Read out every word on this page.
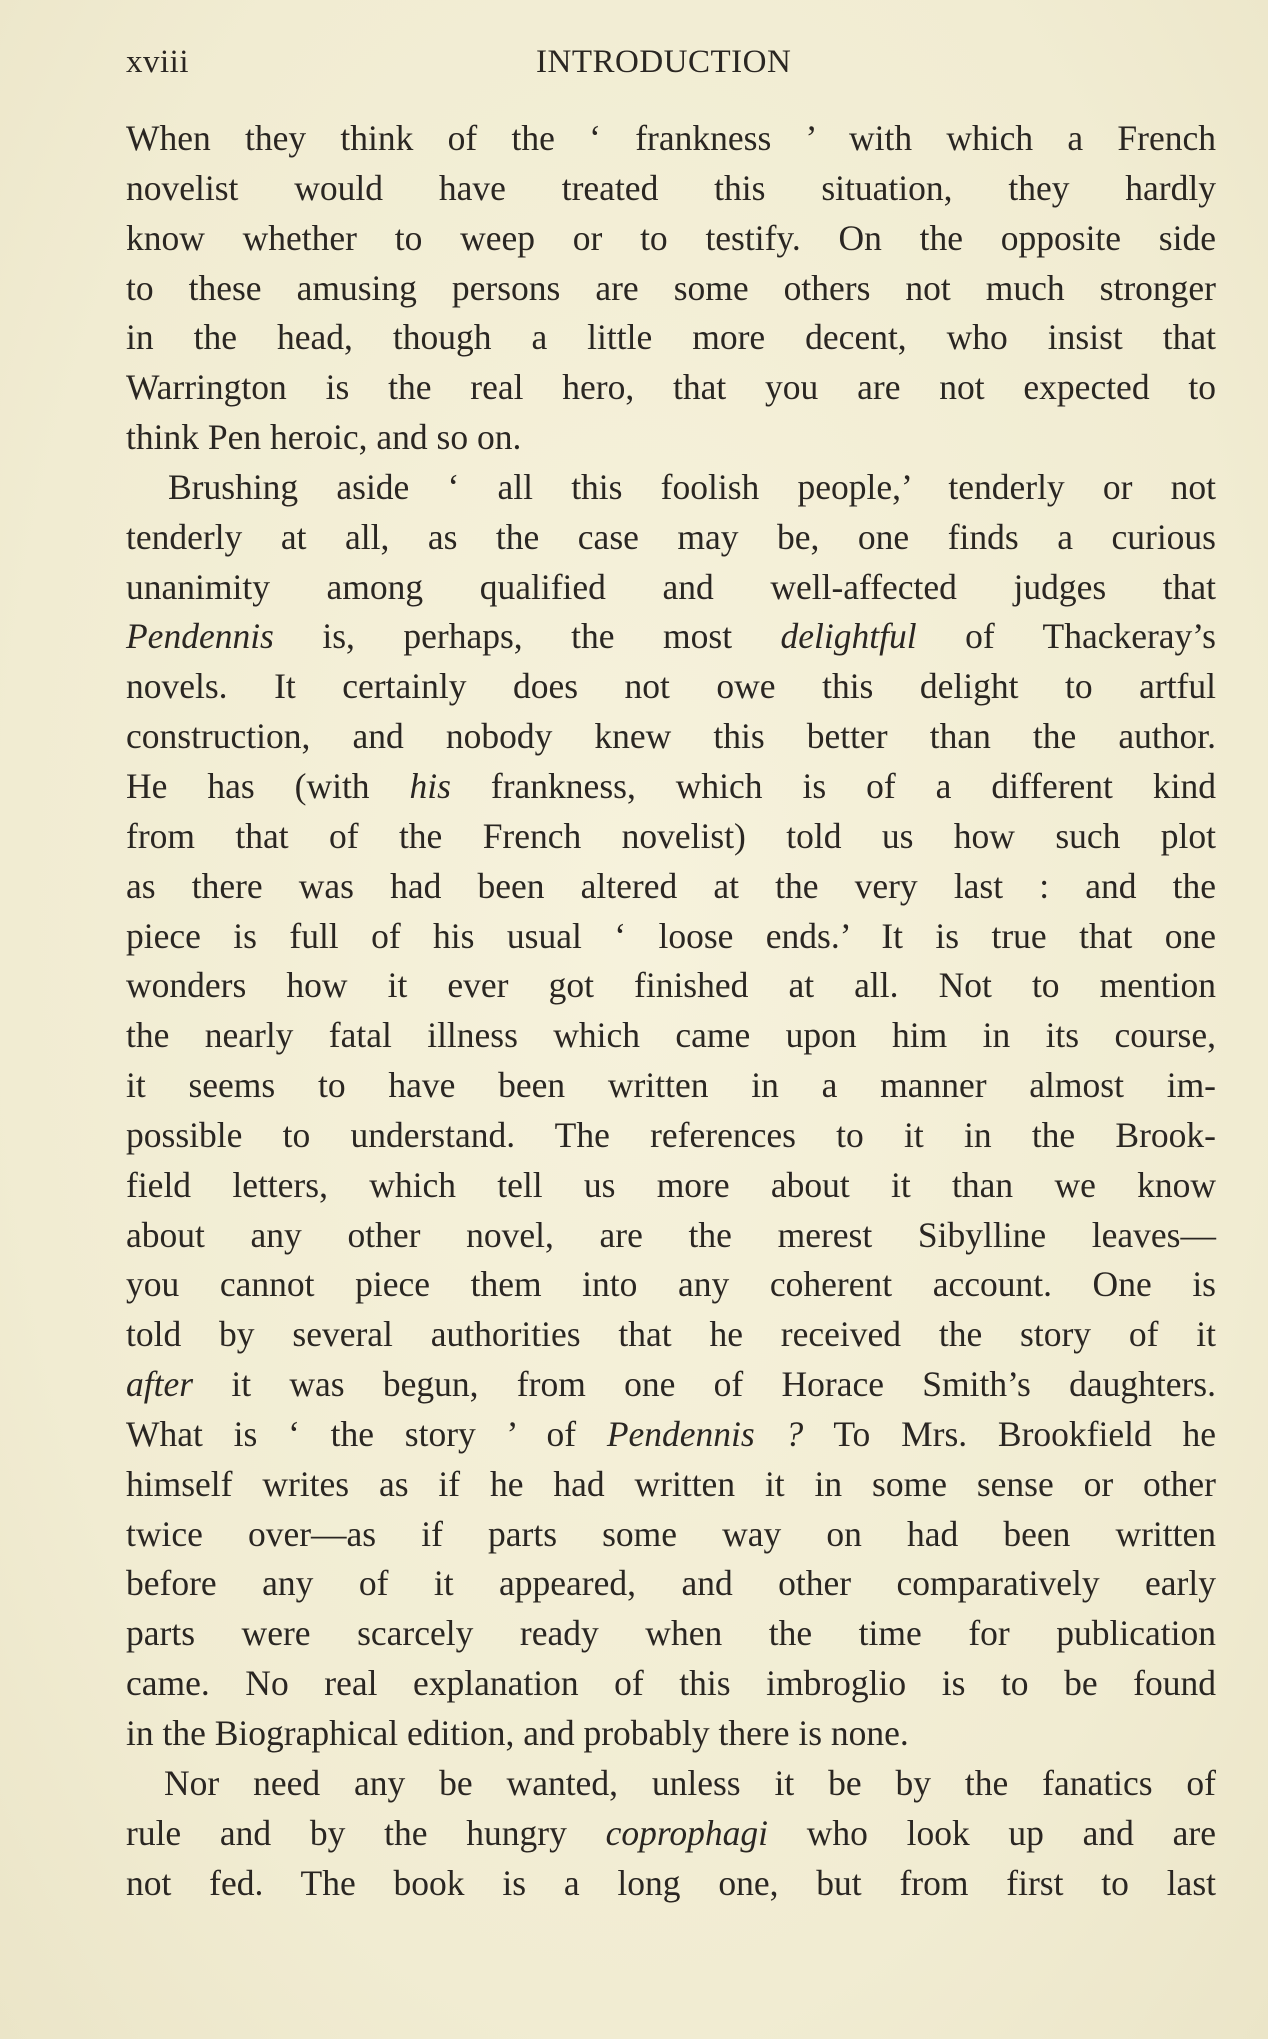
xviii	INTRODUCTION
When they think of the ‘ frankness ’ with which a French
novelist would have treated this situation, they hardly
know whether to weep or to testify. On the opposite side
to these amusing persons are some others not much stronger
in the head, though a little more decent, who insist that
Warrington is the real hero, that you are not expected to
think Pen heroic, and so on.
Brushing aside ‘ all this foolish people,’ tenderly or not
tenderly at all, as the case may be, one finds a curious
unanimity among qualified and well-affected judges that
Pendennis is, perhaps, the most delightful of Thackeray’s
novels. It certainly does not owe this delight to artful
construction, and nobody knew this better than the author.
He has (with his frankness, which is of a different kind
from that of the French novelist) told us how such plot
as there was had been altered at the very last : and the
piece is full of his usual ‘ loose ends.’ It is true that one
wonders how it ever got finished at all. Not to mention
the nearly fatal illness which came upon him in its course,
it seems to have been written in a manner almost im-
possible to understand. The references to it in the Brook-
field letters, which tell us more about it than we know
about any other novel, are the merest Sibylline leaves—
you cannot piece them into any coherent account. One is
told by several authorities that he received the story of it
after it was begun, from one of Horace Smith’s daughters.
What is ‘ the story ’ of Pendennis ? To Mrs. Brookfield he
himself writes as if he had written it in some sense or other
twice over—as if parts some way on had been written
before any of it appeared, and other comparatively early
parts were scarcely ready when the time for publication
came. No real explanation of this imbroglio is to be found
in the Biographical edition, and probably there is none.
Nor need any be wanted, unless it be by the fanatics of
rule and by the hungry coprophagi who look up and are
not fed. The book is a long one, but from first to last
